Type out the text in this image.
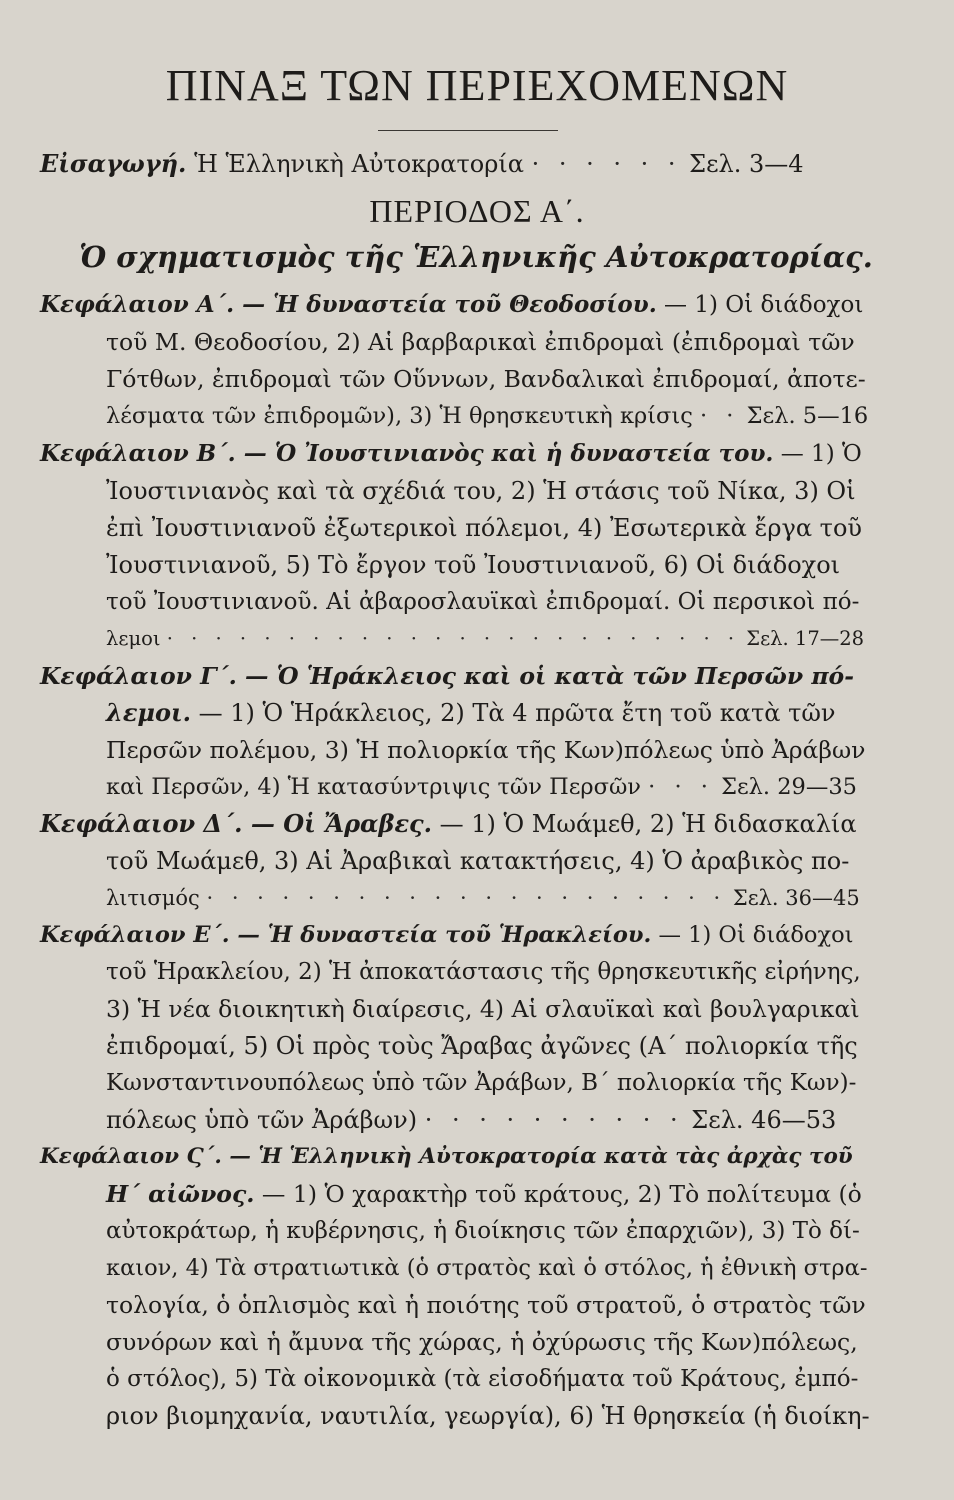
ΠΙΝΑΞ ΤΩΝ ΠΕΡΙΕΧΟΜΕΝΩΝ
Εἰσαγωγή. Ἡ Ἑλληνικὴ Αὐτοκρατορία · · · · · · Σελ. 3—4
ΠΕΡΙΟΔΟΣ Α΄.
Ὁ σχηματισμὸς τῆς Ἑλληνικῆς Αὐτοκρατορίας.
Κεφάλαιον Α΄. — Ἡ δυναστεία τοῦ Θεοδοσίου. — 1) Οἱ διάδοχοι
τοῦ Μ. Θεοδοσίου, 2) Αἱ βαρβαρικαὶ ἐπιδρομαὶ (ἐπιδρομαὶ τῶν
Γότθων, ἐπιδρομαὶ τῶν Οὕννων, Βανδαλικαὶ ἐπιδρομαί, ἀποτε-
λέσματα τῶν ἐπιδρομῶν), 3) Ἡ θρησκευτικὴ κρίσις · · Σελ. 5—16
Κεφάλαιον Β΄. — Ὁ Ἰουστινιανὸς καὶ ἡ δυναστεία του. — 1) Ὁ
Ἰουστινιανὸς καὶ τὰ σχέδιά του, 2) Ἡ στάσις τοῦ Νίκα, 3) Οἱ
ἐπὶ Ἰουστινιανοῦ ἐξωτερικοὶ πόλεμοι, 4) Ἐσωτερικὰ ἔργα τοῦ
Ἰουστινιανοῦ, 5) Τὸ ἔργον τοῦ Ἰουστινιανοῦ, 6) Οἱ διάδοχοι
τοῦ Ἰουστινιανοῦ. Αἱ ἀβαροσλαυϊκαὶ ἐπιδρομαί. Οἱ περσικοὶ πό-
λεμοι · · · · · · · · · · · · · · · · · · · · · · · · Σελ. 17—28
Κεφάλαιον Γ΄. — Ὁ Ἡράκλειος καὶ οἱ κατὰ τῶν Περσῶν πό-
λεμοι. — 1) Ὁ Ἡράκλειος, 2) Τὰ 4 πρῶτα ἔτη τοῦ κατὰ τῶν
Περσῶν πολέμου, 3) Ἡ πολιορκία τῆς Κων)πόλεως ὑπὸ Ἀράβων
καὶ Περσῶν, 4) Ἡ κατασύντριψις τῶν Περσῶν · · · Σελ. 29—35
Κεφάλαιον Δ΄. — Οἱ Ἄραβες. — 1) Ὁ Μωάμεθ, 2) Ἡ διδασκαλία
τοῦ Μωάμεθ, 3) Αἱ Ἀραβικαὶ κατακτήσεις, 4) Ὁ ἀραβικὸς πο-
λιτισμός · · · · · · · · · · · · · · · · · · · · · Σελ. 36—45
Κεφάλαιον Ε΄. — Ἡ δυναστεία τοῦ Ἡρακλείου. — 1) Οἱ διάδοχοι
τοῦ Ἡρακλείου, 2) Ἡ ἀποκατάστασις τῆς θρησκευτικῆς εἰρήνης,
3) Ἡ νέα διοικητικὴ διαίρεσις, 4) Αἱ σλαυϊκαὶ καὶ βουλγαρικαὶ
ἐπιδρομαί, 5) Οἱ πρὸς τοὺς Ἄραβας ἀγῶνες (Α΄ πολιορκία τῆς
Κωνσταντινουπόλεως ὑπὸ τῶν Ἀράβων, Β΄ πολιορκία τῆς Κων)-
πόλεως ὑπὸ τῶν Ἀράβων) · · · · · · · · · · Σελ. 46—53
Κεφάλαιον Ϛ΄. — Ἡ Ἑλληνικὴ Αὐτοκρατορία κατὰ τὰς ἀρχὰς τοῦ
Η΄ αἰῶνος. — 1) Ὁ χαρακτὴρ τοῦ κράτους, 2) Τὸ πολίτευμα (ὁ
αὐτοκράτωρ, ἡ κυβέρνησις, ἡ διοίκησις τῶν ἐπαρχιῶν), 3) Τὸ δί-
καιον, 4) Τὰ στρατιωτικὰ (ὁ στρατὸς καὶ ὁ στόλος, ἡ ἐθνικὴ στρα-
τολογία, ὁ ὁπλισμὸς καὶ ἡ ποιότης τοῦ στρατοῦ, ὁ στρατὸς τῶν
συνόρων καὶ ἡ ἄμυνα τῆς χώρας, ἡ ὀχύρωσις τῆς Κων)πόλεως,
ὁ στόλος), 5) Τὰ οἰκονομικὰ (τὰ εἰσοδήματα τοῦ Κράτους, ἐμπό-
ριον βιομηχανία, ναυτιλία, γεωργία), 6) Ἡ θρησκεία (ἡ διοίκη-
